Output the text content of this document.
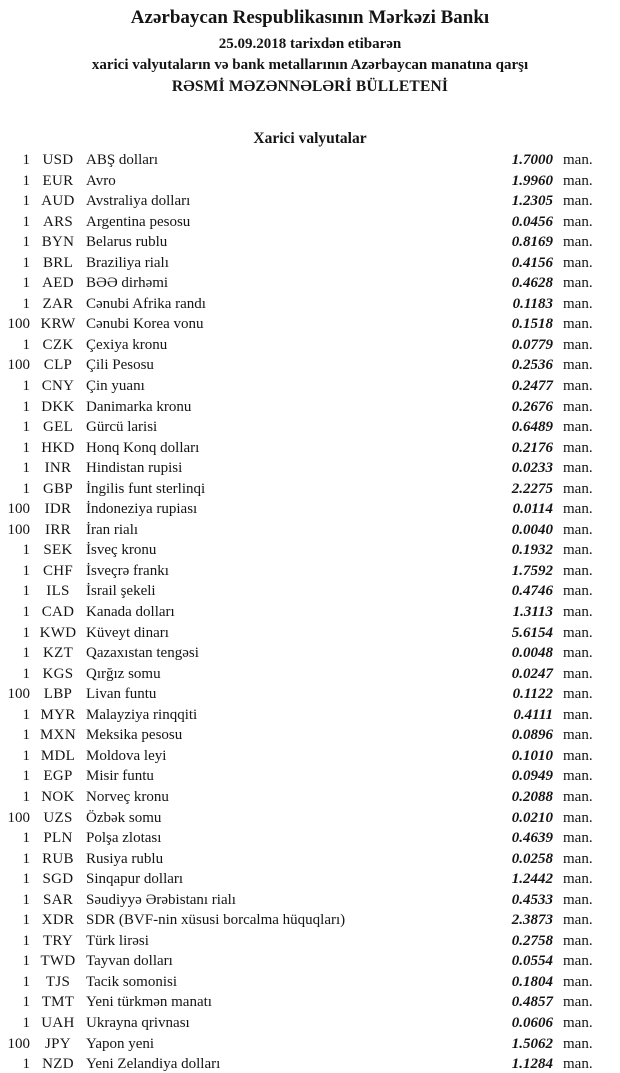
Azərbaycan Respublikasının Mərkəzi Bankı

25.09.2018 tarixdən etibarən

xarici valyutaların və bank metallarının Azərbaycan manatına qarşı

RƏSMİ MƏZƏNNƏLƏRİ BÜLLETENİ

Xarici valyutalar

1 USD ABŞ dolları	1.7000 man.
1 EUR Avro	1.9960 man.
1 AUD Avstraliya dolları	1.2305 man.
1 ARS Argentina pesosu	0.0456 man.
1 BYN Belarus rublu	0.8169 man.
1 BRL Braziliya rialı	0.4156 man.
1 AED BƏƏ dirhəmi	0.4628 man.
1 ZAR Cənubi Afrika randı	0.1183 man.
100 KRW Cənubi Korea vonu	0.1518 man.
1 CZK Çexiya kronu	0.0779 man.
100 CLP Çili Pesosu	0.2536 man.
1 CNY Çin yuanı	0.2477 man.
1 DKK Danimarka kronu	0.2676 man.
1 GEL Gürcü larisi	0.6489 man.
1 HKD Honq Konq dolları	0.2176 man.
1 INR Hindistan rupisi	0.0233 man.
1 GBP İngilis funt sterlinqi	2.2275 man.
100 IDR İndoneziya rupiası	0.0114 man.
100	IRR	İran rialı	0.0040 man.
1 SEK İsveç kronu	0.1932 man.
1 CHF İsveçrə frankı	1.7592 man.
1	ILS	İsrail şekeli	0.4746 man.
1 CAD Kanada dolları	1.3113 man.
1 KWD Küveyt dinarı	5.6154 man.
1 KZT Qazaxıstan tengəsi	0.0048 man.
1 KGS Qırğız somu	0.0247 man.
100 LBP Livan funtu	0.1122 man.
1 MYR Malayziya rinqqiti	0.4111 man.
1 MXN Meksika pesosu	0.0896 man.
1 MDL Moldova leyi	0.1010 man.
1 EGP Misir funtu	0.0949 man.
1 NOK Norveç kronu	0.2088 man.
100 UZS Özbək somu	0.0210 man.
1 PLN Polşa zlotası	0.4639 man.
1 RUB Rusiya rublu	0.0258 man.
1 SGD Sinqapur dolları	1.2442 man.
1 SAR Səudiyyə Ərəbistanı rialı	0.4533 man.
1 XDR SDR (BVF-nin xüsusi borcalma hüquqları)	2.3873 man.
1 TRY Türk lirəsi	0.2758 man.
1 TWD Tayvan dolları	0.0554 man.
1	TJS	Tacik somonisi	0.1804 man.
1 TMT Yeni türkmən manatı	0.4857 man.
1 UAH Ukrayna qrivnası	0.0606 man.
100	JPY	Yapon yeni	1.5062 man.
1 NZD Yeni Zelandiya dolları	1.1284 man.
